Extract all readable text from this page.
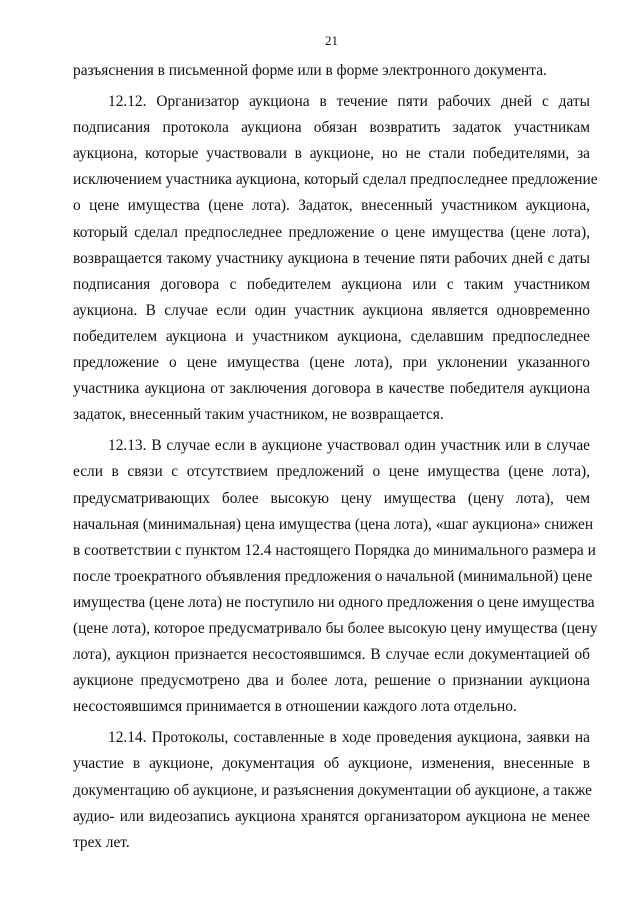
21
разъяснения в письменной форме или в форме электронного документа.
12.12. Организатор аукциона в течение пяти рабочих дней с даты
подписания протокола аукциона обязан возвратить задаток участникам
аукциона, которые участвовали в аукционе, но не стали победителями, за
исключением участника аукциона, который сделал предпоследнее предложение
о цене имущества (цене лота). Задаток, внесенный участником аукциона,
который сделал предпоследнее предложение о цене имущества (цене лота),
возвращается такому участнику аукциона в течение пяти рабочих дней с даты
подписания договора с победителем аукциона или с таким участником
аукциона. В случае если один участник аукциона является одновременно
победителем аукциона и участником аукциона, сделавшим предпоследнее
предложение о цене имущества (цене лота), при уклонении указанного
участника аукциона от заключения договора в качестве победителя аукциона
задаток, внесенный таким участником, не возвращается.
12.13. В случае если в аукционе участвовал один участник или в случае
если в связи с отсутствием предложений о цене имущества (цене лота),
предусматривающих более высокую цену имущества (цену лота), чем
начальная (минимальная) цена имущества (цена лота), «шаг аукциона» снижен
в соответствии с пунктом 12.4 настоящего Порядка до минимального размера и
после троекратного объявления предложения о начальной (минимальной) цене
имущества (цене лота) не поступило ни одного предложения о цене имущества
(цене лота), которое предусматривало бы более высокую цену имущества (цену
лота), аукцион признается несостоявшимся. В случае если документацией об
аукционе предусмотрено два и более лота, решение о признании аукциона
несостоявшимся принимается в отношении каждого лота отдельно.
12.14. Протоколы, составленные в ходе проведения аукциона, заявки на
участие в аукционе, документация об аукционе, изменения, внесенные в
документацию об аукционе, и разъяснения документации об аукционе, а также
аудио- или видеозапись аукциона хранятся организатором аукциона не менее
трех лет.
